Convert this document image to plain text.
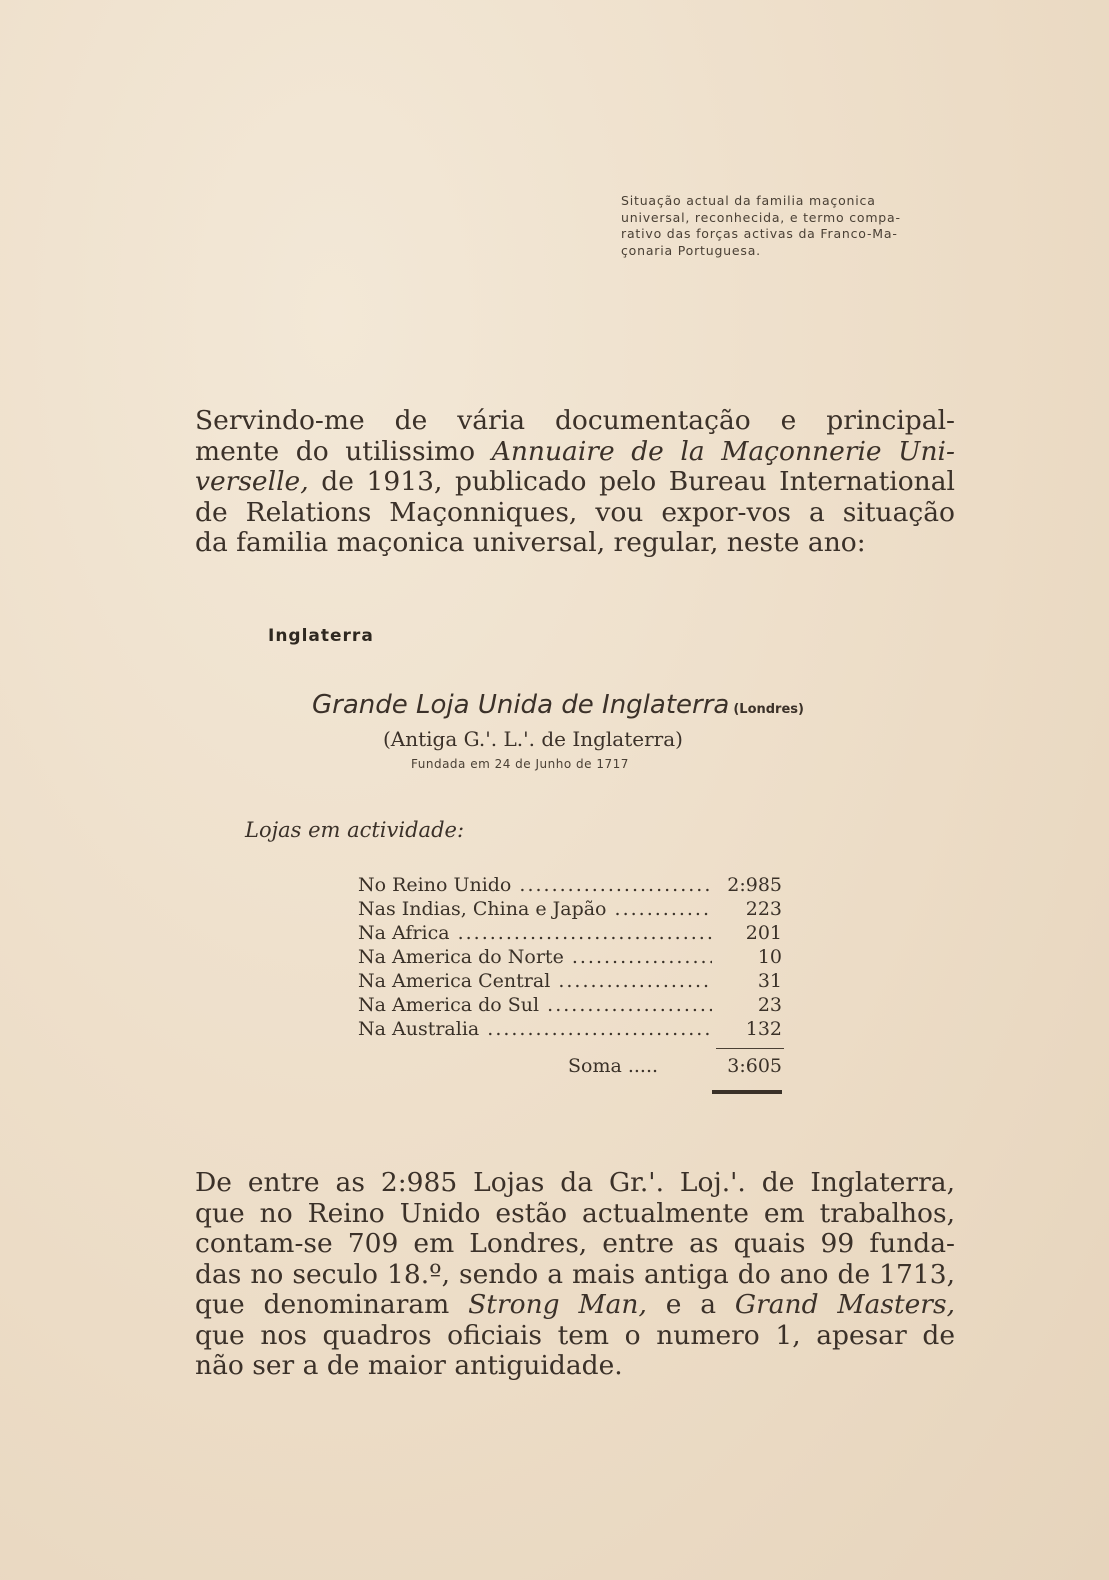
Situação actual da familia maçonica
universal, reconhecida, e termo compa-
rativo das forças activas da Franco-Ma-
çonaria Portuguesa.
Servindo-me de vária documentação e principal-
mente do utilissimo Annuaire de la Maçonnerie Uni-
verselle, de 1913, publicado pelo Bureau International
de Relations Maçonniques, vou expor-vos a situação
da familia maçonica universal, regular, neste ano:
Inglaterra
Grande Loja Unida de Inglaterra (Londres)
(Antiga G.'. L.'. de Inglaterra)
Fundada em 24 de Junho de 1717
Lojas em actividade:
No Reino Unido .....	2:985
Nas Indias, China e Japão .....	223
Na Africa .....	201
Na America do Norte .....	10
Na America Central .....	31
Na America do Sul .....	23
Na Australia .....	132
Soma .....	3:605
De entre as 2:985 Lojas da Gr.'. Loj.'. de Inglaterra,
que no Reino Unido estão actualmente em trabalhos,
contam-se 709 em Londres, entre as quais 99 funda-
das no seculo 18.º, sendo a mais antiga do ano de 1713,
que denominaram Strong Man, e a Grand Masters,
que nos quadros oficiais tem o numero 1, apesar de
não ser a de maior antiguidade.
